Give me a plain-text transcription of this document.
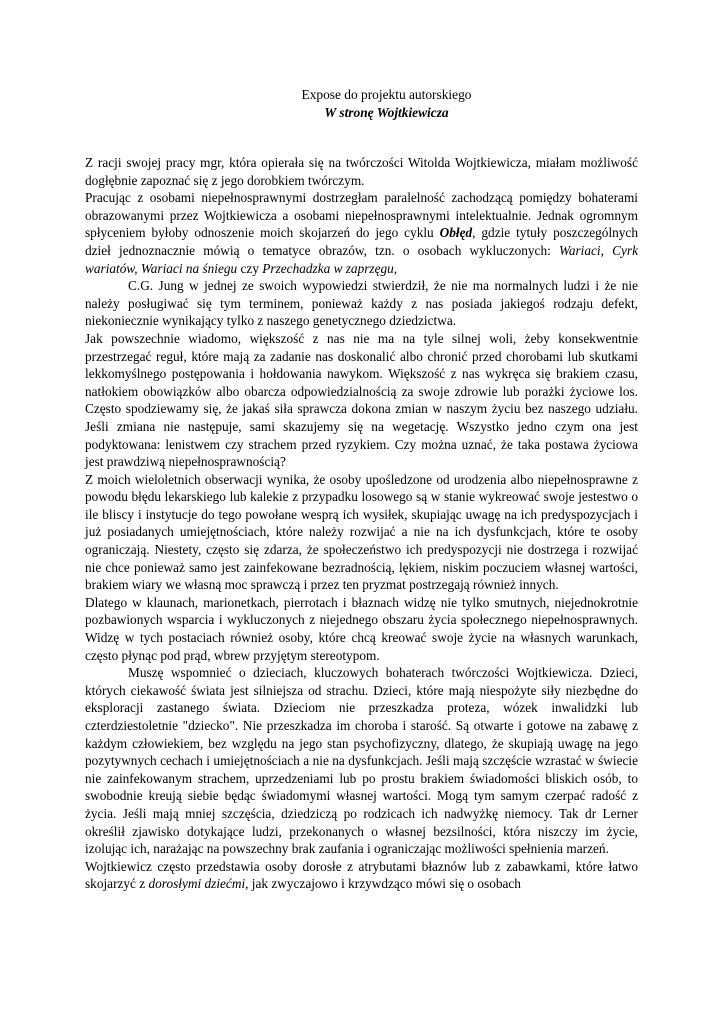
Expose do projektu autorskiego
W stronę Wojtkiewicza

Z racji swojej pracy mgr, która opierała się na twórczości Witolda Wojtkiewicza, miałam możliwość dogłębnie zapoznać się z jego dorobkiem twórczym.

Pracując z osobami niepełnosprawnymi dostrzegłam paralelność zachodzącą pomiędzy bohaterami obrazowanymi przez Wojtkiewicza a osobami niepełnosprawnymi intelektualnie. Jednak ogromnym spłyceniem byłoby odnoszenie moich skojarzeń do jego cyklu Obłęd, gdzie tytuły poszczególnych dzieł jednoznacznie mówią o tematyce obrazów, tzn. o osobach wykluczonych: Wariaci, Cyrk wariatów, Wariaci na śniegu czy Przechadzka w zaprzęgu,

C.G. Jung w jednej ze swoich wypowiedzi stwierdził, że nie ma normalnych ludzi i że nie należy posługiwać się tym terminem, ponieważ każdy z nas posiada jakiegoś rodzaju defekt, niekoniecznie wynikający tylko z naszego genetycznego dziedzictwa.

Jak powszechnie wiadomo, większość z nas nie ma na tyle silnej woli, żeby konsekwentnie przestrzegać reguł, które mają za zadanie nas doskonalić albo chronić przed chorobami lub skutkami lekkomyślnego postępowania i hołdowania nawykom. Większość z nas wykręca się brakiem czasu, natłokiem obowiązków albo obarcza odpowiedzialnością za swoje zdrowie lub porażki życiowe los. Często spodziewamy się, że jakaś siła sprawcza dokona zmian w naszym życiu bez naszego udziału. Jeśli zmiana nie następuje, sami skazujemy się na wegetację. Wszystko jedno czym ona jest podyktowana: lenistwem czy strachem przed ryzykiem. Czy można uznać, że taka postawa życiowa jest prawdziwą niepełnosprawnością?

Z moich wieloletnich obserwacji wynika, że osoby upośledzone od urodzenia albo niepełnosprawne z powodu błędu lekarskiego lub kalekie z przypadku losowego są w stanie wykreować swoje jestestwo o ile bliscy i instytucje do tego powołane wesprą ich wysiłek, skupiając uwagę na ich predyspozycjach i już posiadanych umiejętnościach, które należy rozwijać a nie na ich dysfunkcjach, które te osoby ograniczają. Niestety, często się zdarza, że społeczeństwo ich predyspozycji nie dostrzega i rozwijać nie chce ponieważ samo jest zainfekowane bezradnością, lękiem, niskim poczuciem własnej wartości, brakiem wiary we własną moc sprawczą i przez ten pryzmat postrzegają również innych.

Dlatego w klaunach, marionetkach, pierrotach i błaznach widzę nie tylko smutnych, niejednokrotnie pozbawionych wsparcia i wykluczonych z niejednego obszaru życia społecznego niepełnosprawnych. Widzę w tych postaciach również osoby, które chcą kreować swoje życie na własnych warunkach, często płynąc pod prąd, wbrew przyjętym stereotypom.

Muszę wspomnieć o dzieciach, kluczowych bohaterach twórczości Wojtkiewicza. Dzieci, których ciekawość świata jest silniejsza od strachu. Dzieci, które mają niespożyte siły niezbędne do eksploracji zastanego świata. Dzieciom nie przeszkadza proteza, wózek inwalidzki lub czterdziestoletnie "dziecko". Nie przeszkadza im choroba i starość. Są otwarte i gotowe na zabawę z każdym człowiekiem, bez względu na jego stan psychofizyczny, dlatego, że skupiają uwagę na jego pozytywnych cechach i umiejętnościach a nie na dysfunkcjach. Jeśli mają szczęście wzrastać w świecie nie zainfekowanym strachem, uprzedzeniami lub po prostu brakiem świadomości bliskich osób, to swobodnie kreują siebie będąc świadomymi własnej wartości. Mogą tym samym czerpać radość z życia. Jeśli mają mniej szczęścia, dziedziczą po rodzicach ich nadwyżkę niemocy. Tak dr Lerner określił zjawisko dotykające ludzi, przekonanych o własnej bezsilności, która niszczy im życie, izolując ich, narażając na powszechny brak zaufania i ograniczając możliwości spełnienia marzeń.

Wojtkiewicz często przedstawia osoby dorosłe z atrybutami błaznów lub z zabawkami, które łatwo skojarzyć z dorosłymi dziećmi, jak zwyczajowo i krzywdząco mówi się o osobach
